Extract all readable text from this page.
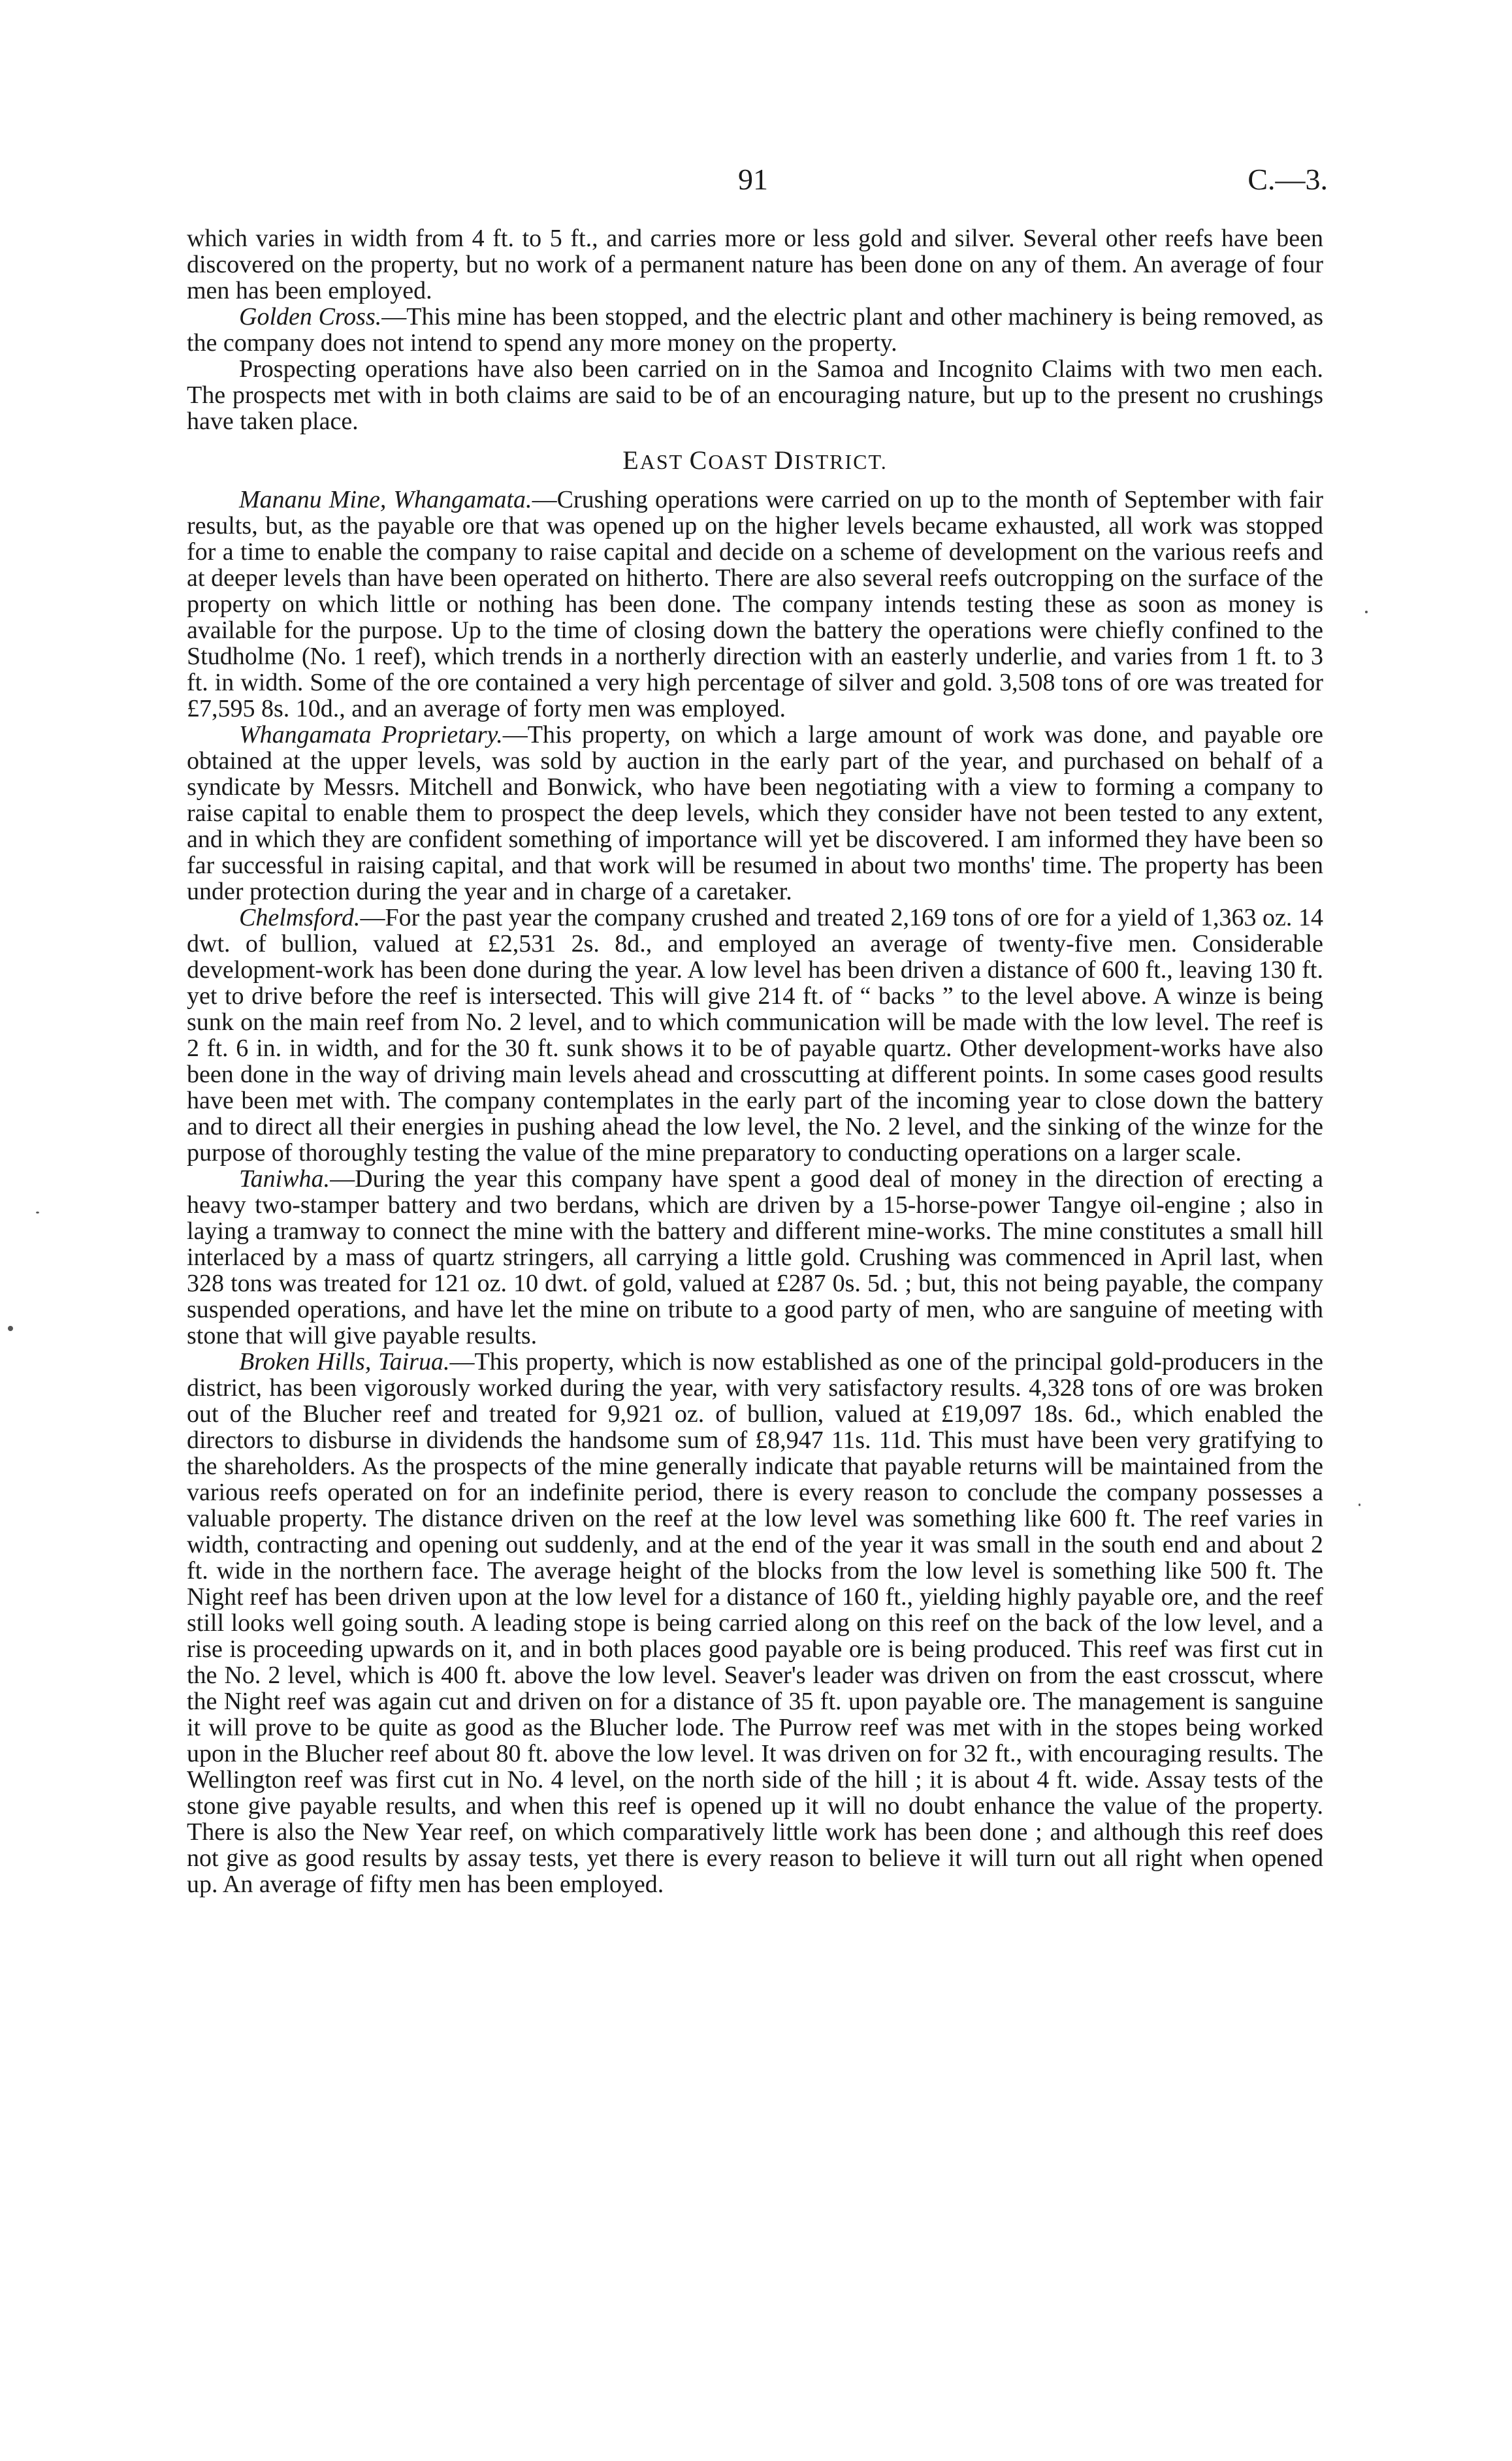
91	C.—3.

which varies in width from 4 ft. to 5 ft., and carries more or less gold and silver. Several other reefs have been discovered on the property, but no work of a permanent nature has been done on any of them. An average of four men has been employed.

Golden Cross.—This mine has been stopped, and the electric plant and other machinery is being removed, as the company does not intend to spend any more money on the property.

Prospecting operations have also been carried on in the Samoa and Incognito Claims with two men each. The prospects met with in both claims are said to be of an encouraging nature, but up to the present no crushings have taken place.

EAST COAST DISTRICT.

Mananu Mine, Whangamata.—Crushing operations were carried on up to the month of September with fair results, but, as the payable ore that was opened up on the higher levels became exhausted, all work was stopped for a time to enable the company to raise capital and decide on a scheme of development on the various reefs and at deeper levels than have been operated on hitherto. There are also several reefs outcropping on the surface of the property on which little or nothing has been done. The company intends testing these as soon as money is available for the purpose. Up to the time of closing down the battery the operations were chiefly confined to the Studholme (No. 1 reef), which trends in a northerly direction with an easterly underlie, and varies from 1 ft. to 3 ft. in width. Some of the ore contained a very high percentage of silver and gold. 3,508 tons of ore was treated for £7,595 8s. 10d., and an average of forty men was employed.

Whangamata Proprietary.—This property, on which a large amount of work was done, and payable ore obtained at the upper levels, was sold by auction in the early part of the year, and purchased on behalf of a syndicate by Messrs. Mitchell and Bonwick, who have been negotiating with a view to forming a company to raise capital to enable them to prospect the deep levels, which they consider have not been tested to any extent, and in which they are confident something of importance will yet be discovered. I am informed they have been so far successful in raising capital, and that work will be resumed in about two months' time. The property has been under protection during the year and in charge of a caretaker.

Chelmsford.—For the past year the company crushed and treated 2,169 tons of ore for a yield of 1,363 oz. 14 dwt. of bullion, valued at £2,531 2s. 8d., and employed an average of twenty-five men. Considerable development-work has been done during the year. A low level has been driven a distance of 600 ft., leaving 130 ft. yet to drive before the reef is intersected. This will give 214 ft. of “ backs ” to the level above. A winze is being sunk on the main reef from No. 2 level, and to which communication will be made with the low level. The reef is 2 ft. 6 in. in width, and for the 30 ft. sunk shows it to be of payable quartz. Other development-works have also been done in the way of driving main levels ahead and crosscutting at different points. In some cases good results have been met with. The company contemplates in the early part of the incoming year to close down the battery and to direct all their energies in pushing ahead the low level, the No. 2 level, and the sinking of the winze for the purpose of thoroughly testing the value of the mine preparatory to conducting operations on a larger scale.

Taniwha.—During the year this company have spent a good deal of money in the direction of erecting a heavy two-stamper battery and two berdans, which are driven by a 15-horse-power Tangye oil-engine ; also in laying a tramway to connect the mine with the battery and different mine-works. The mine constitutes a small hill interlaced by a mass of quartz stringers, all carrying a little gold. Crushing was commenced in April last, when 328 tons was treated for 121 oz. 10 dwt. of gold, valued at £287 0s. 5d. ; but, this not being payable, the company suspended operations, and have let the mine on tribute to a good party of men, who are sanguine of meeting with stone that will give payable results.

Broken Hills, Tairua.—This property, which is now established as one of the principal gold-producers in the district, has been vigorously worked during the year, with very satisfactory results. 4,328 tons of ore was broken out of the Blucher reef and treated for 9,921 oz. of bullion, valued at £19,097 18s. 6d., which enabled the directors to disburse in dividends the handsome sum of £8,947 11s. 11d. This must have been very gratifying to the shareholders. As the prospects of the mine generally indicate that payable returns will be maintained from the various reefs operated on for an indefinite period, there is every reason to conclude the company possesses a valuable property. The distance driven on the reef at the low level was something like 600 ft. The reef varies in width, contracting and opening out suddenly, and at the end of the year it was small in the south end and about 2 ft. wide in the northern face. The average height of the blocks from the low level is something like 500 ft. The Night reef has been driven upon at the low level for a distance of 160 ft., yielding highly payable ore, and the reef still looks well going south. A leading stope is being carried along on this reef on the back of the low level, and a rise is proceeding upwards on it, and in both places good payable ore is being produced. This reef was first cut in the No. 2 level, which is 400 ft. above the low level. Seaver's leader was driven on from the east crosscut, where the Night reef was again cut and driven on for a distance of 35 ft. upon payable ore. The management is sanguine it will prove to be quite as good as the Blucher lode. The Purrow reef was met with in the stopes being worked upon in the Blucher reef about 80 ft. above the low level. It was driven on for 32 ft., with encouraging results. The Wellington reef was first cut in No. 4 level, on the north side of the hill ; it is about 4 ft. wide. Assay tests of the stone give payable results, and when this reef is opened up it will no doubt enhance the value of the property. There is also the New Year reef, on which comparatively little work has been done ; and although this reef does not give as good results by assay tests, yet there is every reason to believe it will turn out all right when opened up. An average of fifty men has been employed.
